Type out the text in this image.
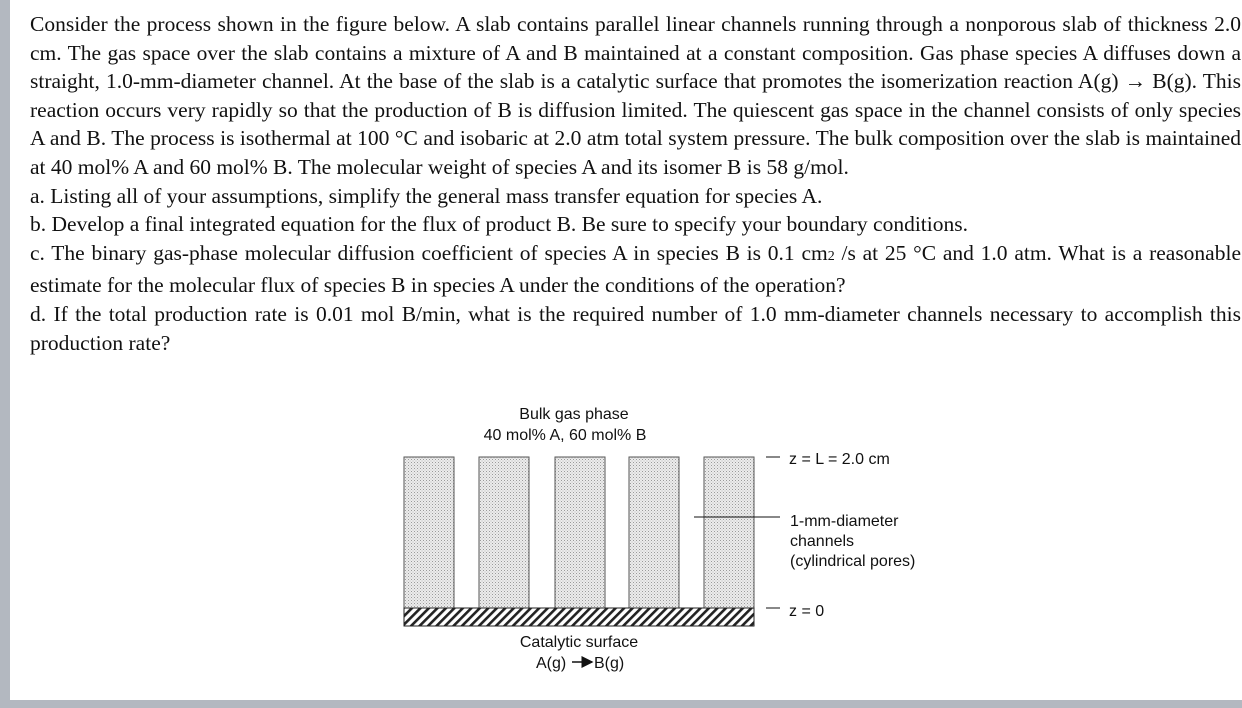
Consider the process shown in the figure below. A slab contains parallel linear channels running through a nonporous slab of thickness 2.0 cm. The gas space over the slab contains a mixture of A and B maintained at a constant composition. Gas phase species A diffuses down a straight, 1.0-mm-diameter channel. At the base of the slab is a catalytic surface that promotes the isomerization reaction A(g) → B(g). This reaction occurs very rapidly so that the production of B is diffusion limited. The quiescent gas space in the channel consists of only species A and B. The process is isothermal at 100 °C and isobaric at 2.0 atm total system pressure. The bulk composition over the slab is maintained at 40 mol% A and 60 mol% B. The molecular weight of species A and its isomer B is 58 g/mol.

a. Listing all of your assumptions, simplify the general mass transfer equation for species A.

b. Develop a final integrated equation for the flux of product B. Be sure to specify your boundary conditions.

c. The binary gas-phase molecular diffusion coefficient of species A in species B is 0.1 cm2 /s at 25 °C and 1.0 atm. What is a reasonable estimate for the molecular flux of species B in species A under the conditions of the operation?

d. If the total production rate is 0.01 mol B/min, what is the required number of 1.0 mm-diameter channels necessary to accomplish this production rate?

Bulk gas phase
40 mol% A, 60 mol% B
z = L = 2.0 cm
1-mm-diameter
channels
(cylindrical pores)
z = 0
Catalytic surface
A(g) B(g)
